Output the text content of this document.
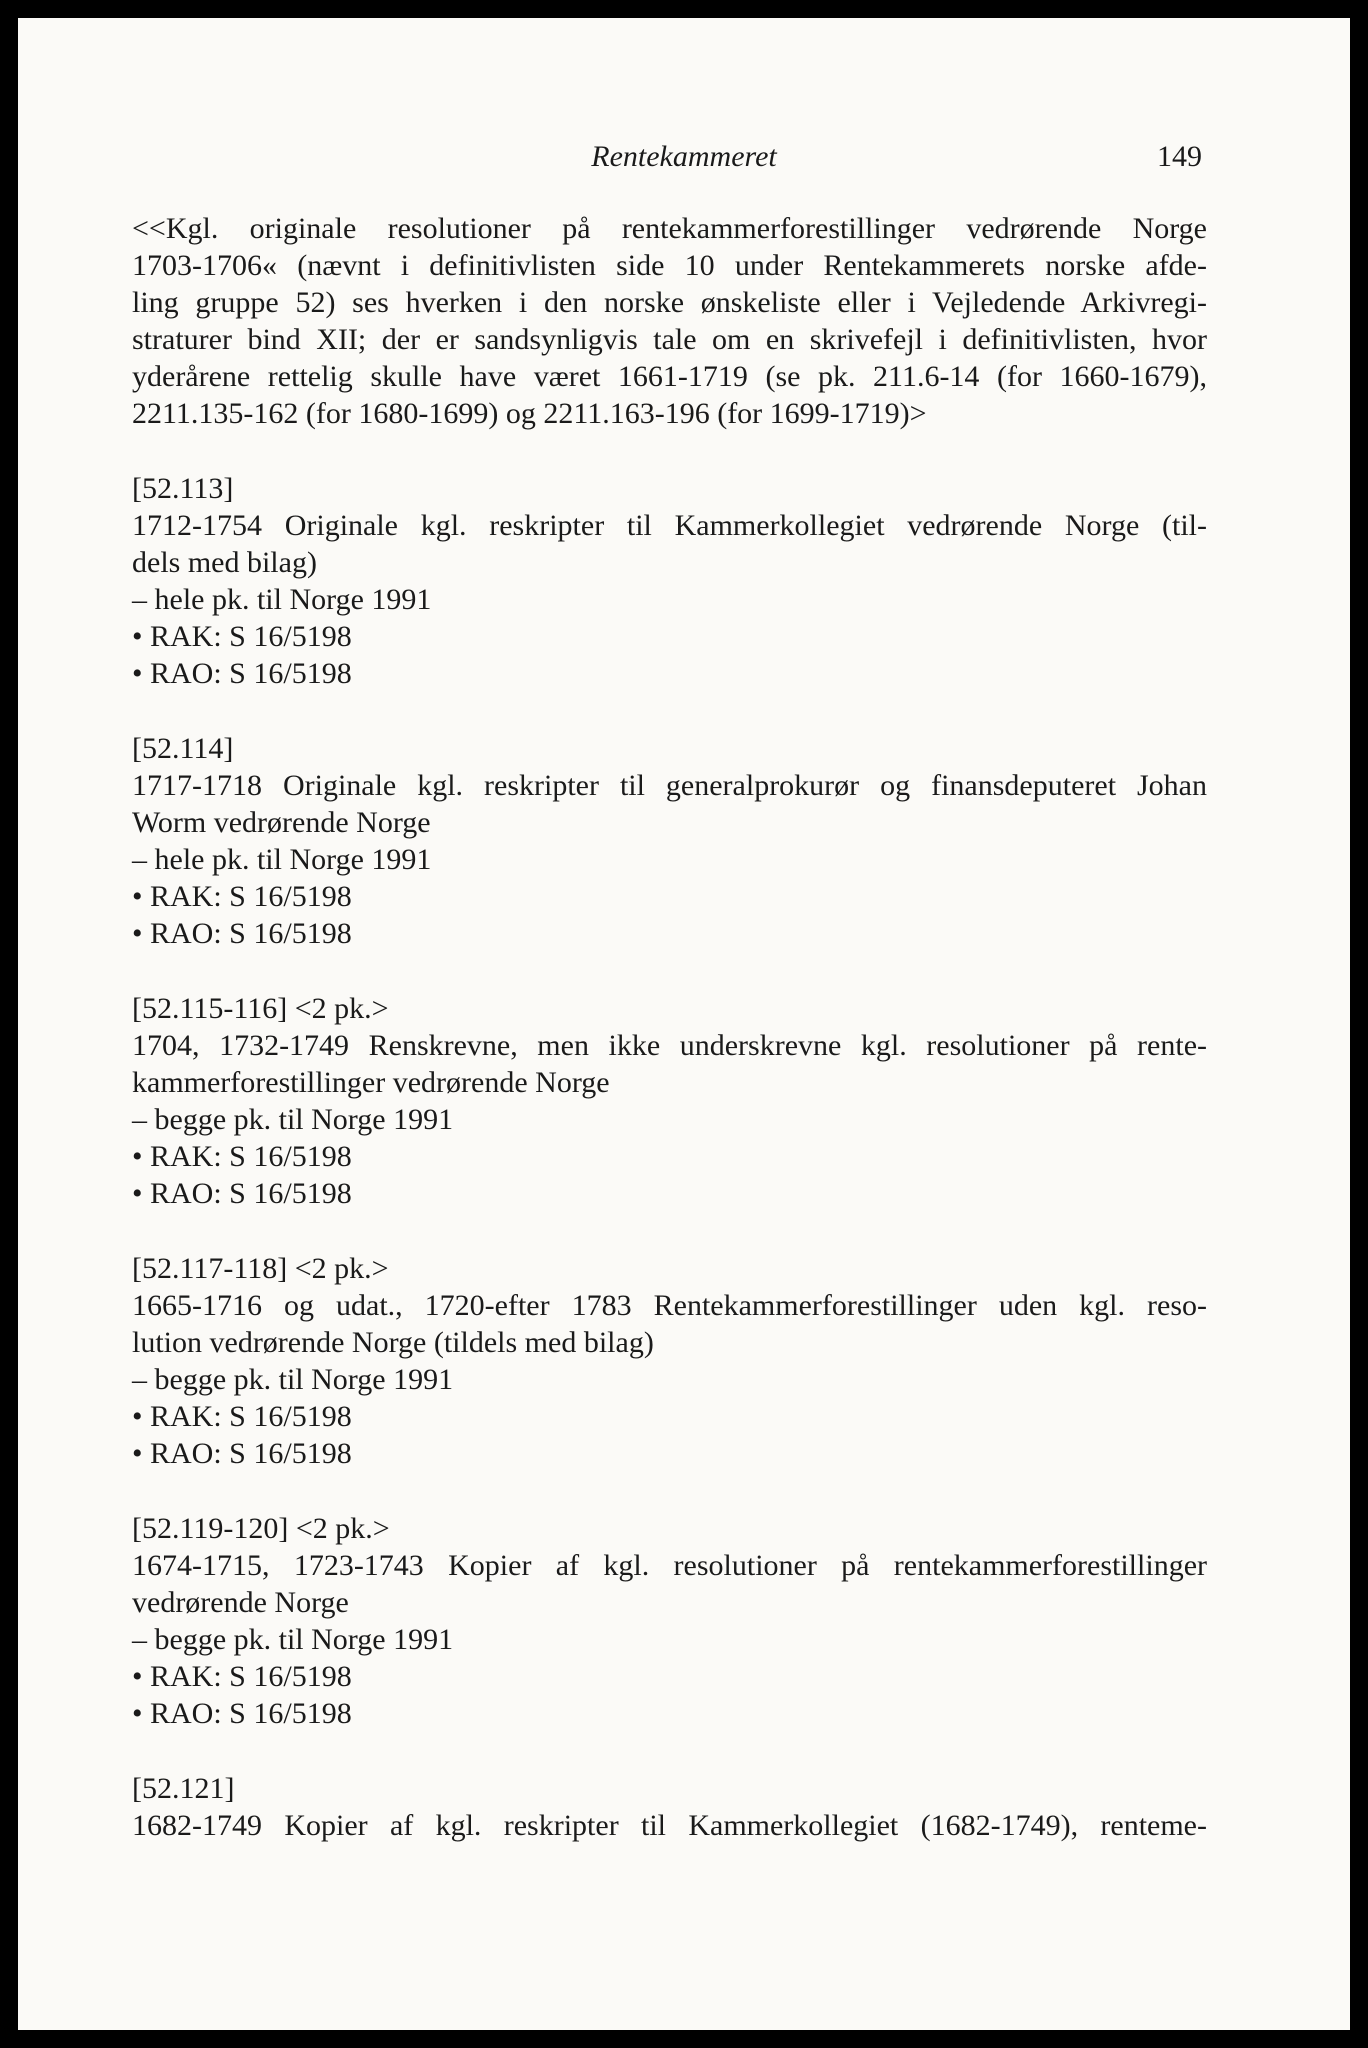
Rentekammeret	149
<<Kgl. originale resolutioner på rentekammerforestillinger vedrørende Norge
1703-1706« (nævnt i definitivlisten side 10 under Rentekammerets norske afde-
ling gruppe 52) ses hverken i den norske ønskeliste eller i Vejledende Arkivregi-
straturer bind XII; der er sandsynligvis tale om en skrivefejl i definitivlisten, hvor
yderårene rettelig skulle have været 1661-1719 (se pk. 211.6-14 (for 1660-1679),
2211.135-162 (for 1680-1699) og 2211.163-196 (for 1699-1719)>
[52.113]
1712-1754 Originale kgl. reskripter til Kammerkollegiet vedrørende Norge (til-
dels med bilag)
– hele pk. til Norge 1991
• RAK: S 16/5198
• RAO: S 16/5198
[52.114]
1717-1718 Originale kgl. reskripter til generalprokurør og finansdeputeret Johan
Worm vedrørende Norge
– hele pk. til Norge 1991
• RAK: S 16/5198
• RAO: S 16/5198
[52.115-116] <2 pk.>
1704, 1732-1749 Renskrevne, men ikke underskrevne kgl. resolutioner på rente-
kammerforestillinger vedrørende Norge
– begge pk. til Norge 1991
• RAK: S 16/5198
• RAO: S 16/5198
[52.117-118] <2 pk.>
1665-1716 og udat., 1720-efter 1783 Rentekammerforestillinger uden kgl. reso-
lution vedrørende Norge (tildels med bilag)
– begge pk. til Norge 1991
• RAK: S 16/5198
• RAO: S 16/5198
[52.119-120] <2 pk.>
1674-1715, 1723-1743 Kopier af kgl. resolutioner på rentekammerforestillinger
vedrørende Norge
– begge pk. til Norge 1991
• RAK: S 16/5198
• RAO: S 16/5198
[52.121]
1682-1749 Kopier af kgl. reskripter til Kammerkollegiet (1682-1749), renteme-
